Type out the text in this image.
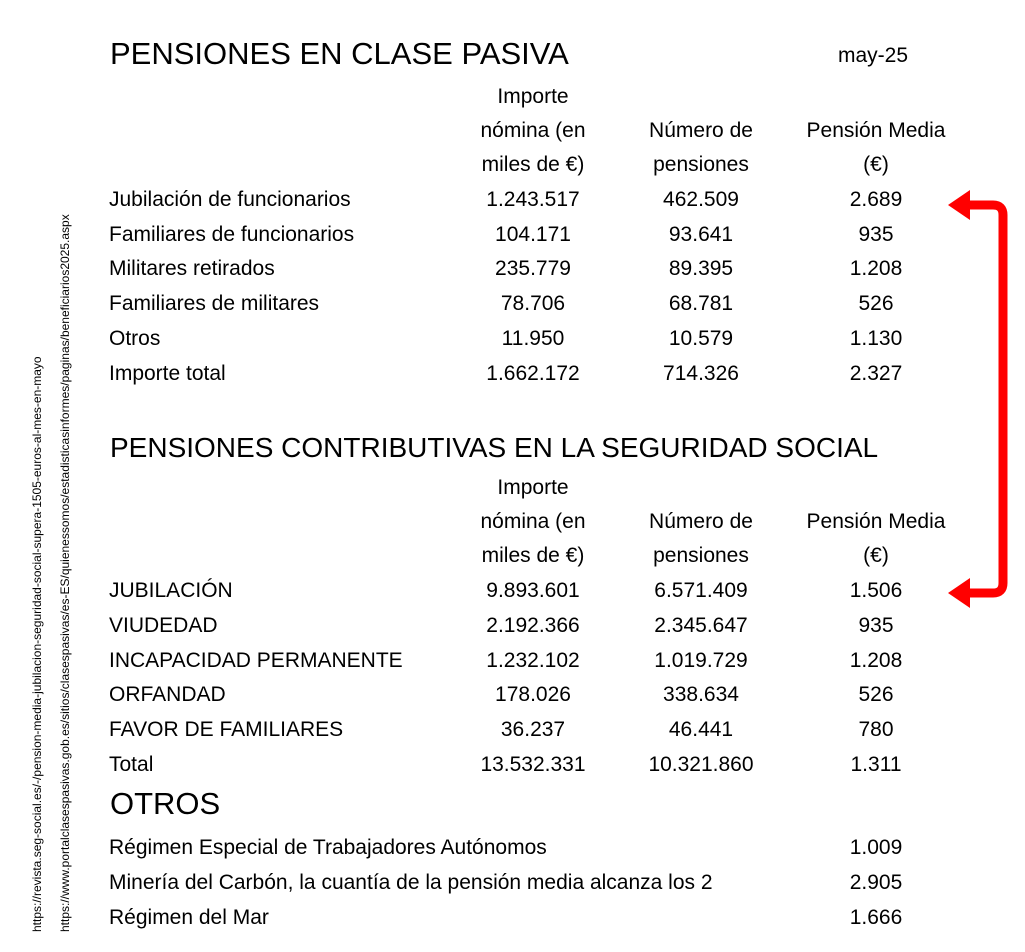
https://revista.seg-social.es/-/pension-media-jubilacion-seguridad-social-supera-1505-euros-al-mes-en-mayo https://www.portalclasespasivas.gob.es/sitios/clasespasivas/es-ES/quienessomos/estadisticasinformes/paginas/beneficiarios2025.aspx
PENSIONES EN CLASE PASIVA	may-25
Importe
nómina (en
miles de €)
Número de
pensiones
Pensión Media
(€)
Jubilación de funcionarios	1.243.517	462.509	2.689
Familiares de funcionarios	104.171	93.641	935
Militares retirados	235.779	89.395	1.208
Familiares de militares	78.706	68.781	526
Otros	11.950	10.579	1.130
Importe total	1.662.172	714.326	2.327
PENSIONES CONTRIBUTIVAS EN LA SEGURIDAD SOCIAL
Importe
nómina (en
miles de €)
Número de
pensiones
Pensión Media
(€)
JUBILACIÓN	9.893.601	6.571.409	1.506
VIUDEDAD	2.192.366	2.345.647	935
INCAPACIDAD PERMANENTE	1.232.102	1.019.729	1.208
ORFANDAD	178.026	338.634	526
FAVOR DE FAMILIARES	36.237	46.441	780
Total	13.532.331	10.321.860	1.311
OTROS
Régimen Especial de Trabajadores Autónomos	1.009
Minería del Carbón, la cuantía de la pensión media alcanza los 2	2.905
Régimen del Mar	1.666
